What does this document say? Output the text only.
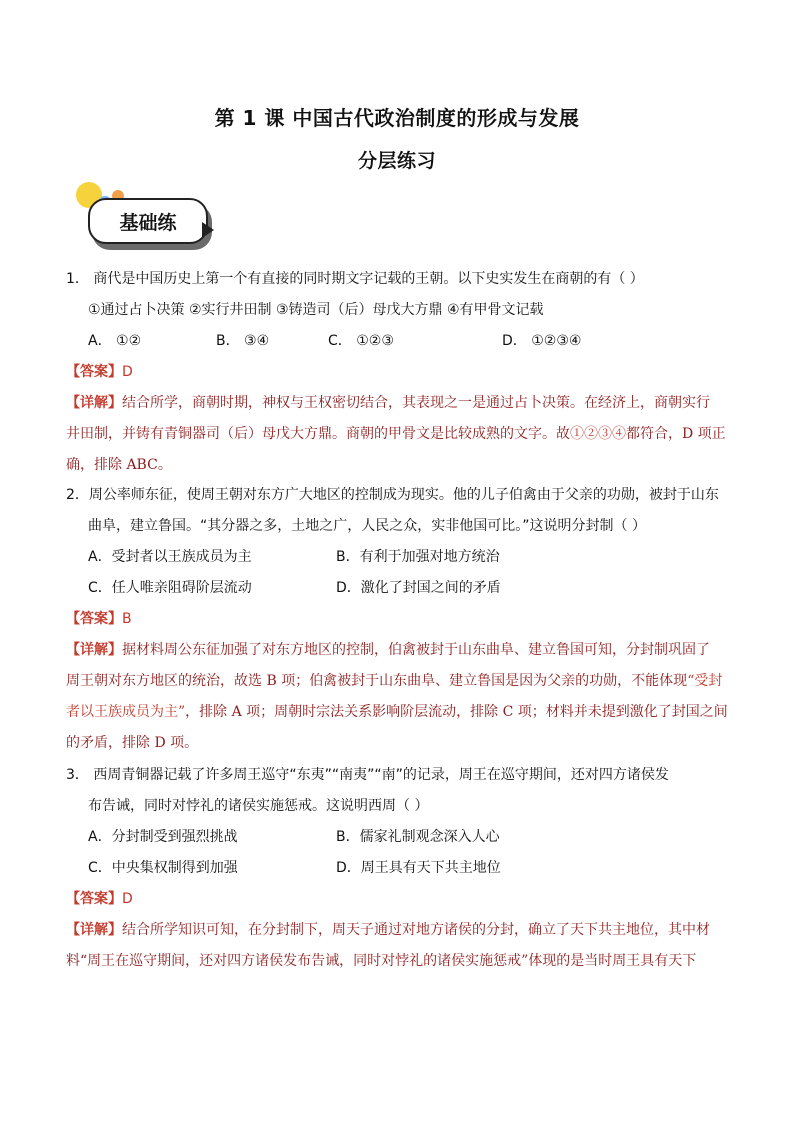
第 1 课 中国古代政治制度的形成与发展
分层练习
基础练
1． 商代是中国历史上第一个有直接的同时期文字记载的王朝。以下史实发生在商朝的有（ ）
①通过占卜决策 ②实行井田制 ③铸造司（后）母戊大方鼎 ④有甲骨文记载
A． ①②	B． ③④	C． ①②③	D． ①②③④
【答案】D
【详解】结合所学，商朝时期，神权与王权密切结合，其表现之一是通过占卜决策。在经济上，商朝实行
井田制，并铸有青铜器司（后）母戊大方鼎。商朝的甲骨文是比较成熟的文字。故①②③④都符合，D 项正
确，排除 ABC。
2．周公率师东征，使周王朝对东方广大地区的控制成为现实。他的儿子伯禽由于父亲的功勋，被封于山东
曲阜，建立鲁国。“其分器之多，土地之广，人民之众，实非他国可比。”这说明分封制（ ）
A．受封者以王族成员为主	B．有利于加强对地方统治
C．任人唯亲阻碍阶层流动	D．激化了封国之间的矛盾
【答案】B
【详解】据材料周公东征加强了对东方地区的控制，伯禽被封于山东曲阜、建立鲁国可知，分封制巩固了
周王朝对东方地区的统治，故选 B 项；伯禽被封于山东曲阜、建立鲁国是因为父亲的功勋，不能体现“受封
者以王族成员为主”，排除 A 项；周朝时宗法关系影响阶层流动，排除 C 项；材料并未提到激化了封国之间
的矛盾，排除 D 项。
3． 西周青铜器记载了许多周王巡守“东夷”“南夷”“南”的记录，周王在巡守期间，还对四方诸侯发
布告诫，同时对悖礼的诸侯实施惩戒。这说明西周（ ）
A．分封制受到强烈挑战	B．儒家礼制观念深入人心
C．中央集权制得到加强	D．周王具有天下共主地位
【答案】D
【详解】结合所学知识可知，在分封制下，周天子通过对地方诸侯的分封，确立了天下共主地位，其中材
料“周王在巡守期间，还对四方诸侯发布告诫，同时对悖礼的诸侯实施惩戒”体现的是当时周王具有天下
